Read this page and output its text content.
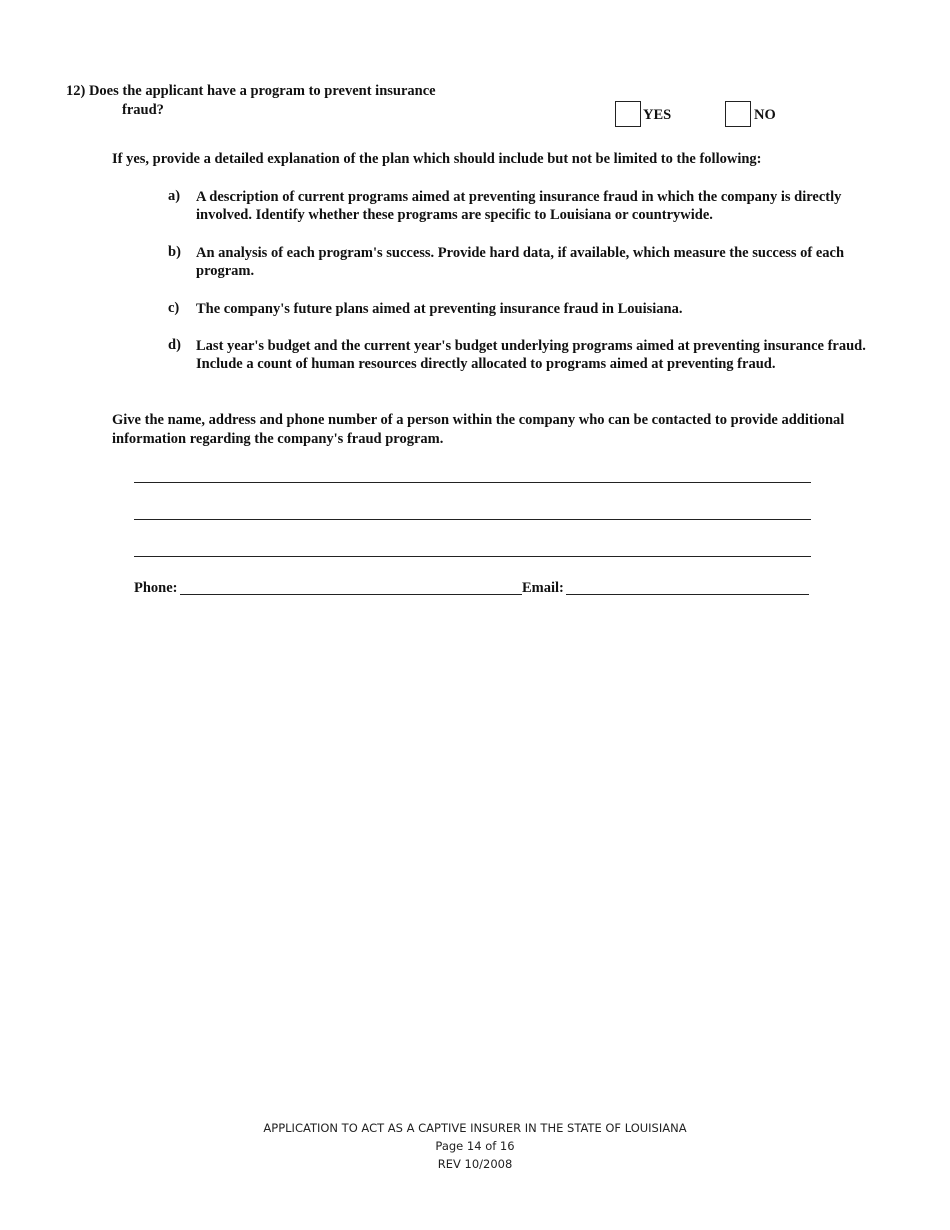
12) Does the applicant have a program to prevent insurance
fraud?	YES	NO
If yes, provide a detailed explanation of the plan which should include but not be limited to the following:
a) A description of current programs aimed at preventing insurance fraud in which the company is directly involved. Identify whether these programs are specific to Louisiana or countrywide.
b) An analysis of each program's success. Provide hard data, if available, which measure the success of each program.
c) The company's future plans aimed at preventing insurance fraud in Louisiana.
d) Last year's budget and the current year's budget underlying programs aimed at preventing insurance fraud. Include a count of human resources directly allocated to programs aimed at preventing fraud.
Give the name, address and phone number of a person within the company who can be contacted to provide additional information regarding the company's fraud program.
Phone:	Email:
APPLICATION TO ACT AS A CAPTIVE INSURER IN THE STATE OF LOUISIANA
Page 14 of 16
REV 10/2008
